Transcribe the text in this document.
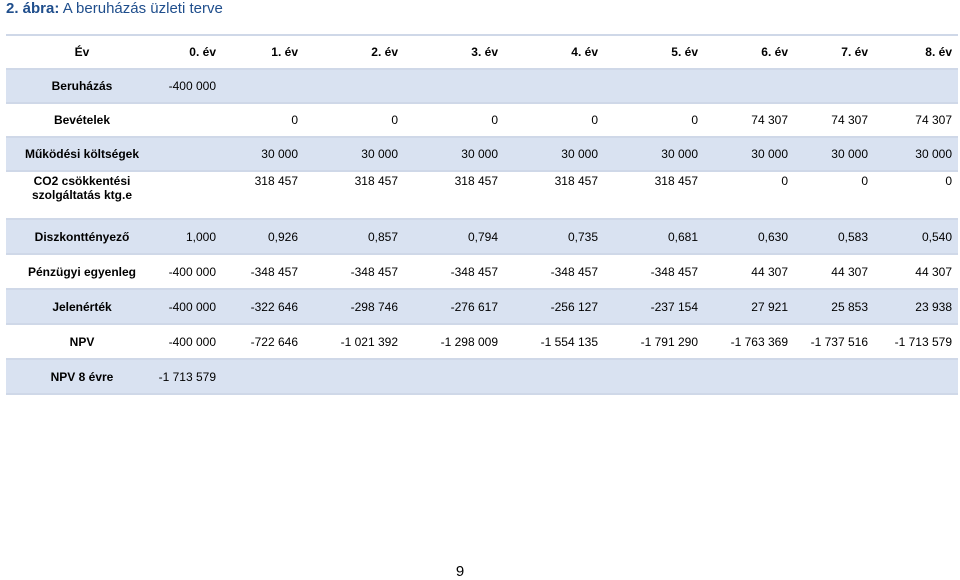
2. ábra: A beruházás üzleti terve
Év	0. év	1. év	2. év	3. év	4. év	5. év	6. év	7. év	8. év
Beruházás	-400 000								
Bevételek		0	0	0	0	0	74 307	74 307	74 307
Működési költségek		30 000	30 000	30 000	30 000	30 000	30 000	30 000	30 000
CO2 csökkentési szolgáltatás ktg.e		318 457	318 457	318 457	318 457	318 457	0	0	0
Diszkonttényező	1,000	0,926	0,857	0,794	0,735	0,681	0,630	0,583	0,540
Pénzügyi egyenleg	-400 000	-348 457	-348 457	-348 457	-348 457	-348 457	44 307	44 307	44 307
Jelenérték	-400 000	-322 646	-298 746	-276 617	-256 127	-237 154	27 921	25 853	23 938
NPV	-400 000	-722 646	-1 021 392	-1 298 009	-1 554 135	-1 791 290	-1 763 369	-1 737 516	-1 713 579
NPV 8 évre	-1 713 579								
9
